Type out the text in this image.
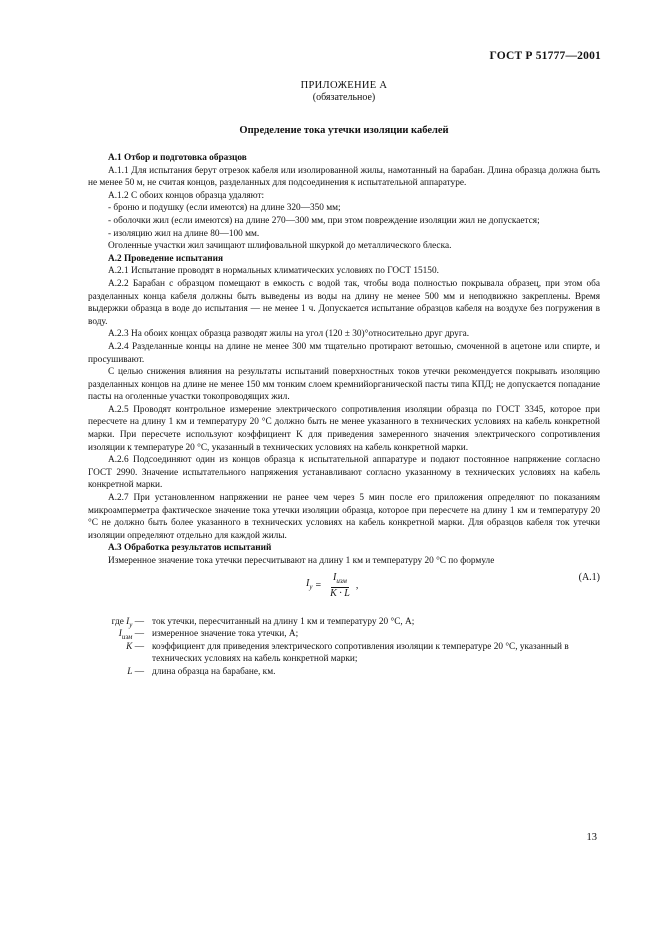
ГОСТ Р 51777—2001
ПРИЛОЖЕНИЕ А
(обязательное)
Определение тока утечки изоляции кабелей

А.1 Отбор и подготовка образцов

А.1.1 Для испытания берут отрезок кабеля или изолированной жилы, намотанный на барабан. Длина образца должна быть не менее 50 м, не считая концов, разделанных для подсоединения к испытательной аппаратуре.

А.1.2 С обоих концов образца удаляют:

- броню и подушку (если имеются) на длине 320—350 мм;

- оболочки жил (если имеются) на длине 270—300 мм, при этом повреждение изоляции жил не допускается;

- изоляцию жил на длине 80—100 мм.

Оголенные участки жил зачищают шлифовальной шкуркой до металлического блеска.

А.2 Проведение испытания

А.2.1 Испытание проводят в нормальных климатических условиях по ГОСТ 15150.

А.2.2 Барабан с образцом помещают в емкость с водой так, чтобы вода полностью покрывала образец, при этом оба разделанных конца кабеля должны быть выведены из воды на длину не менее 500 мм и неподвижно закреплены. Время выдержки образца в воде до испытания — не менее 1 ч. Допускается испытание образцов кабеля на воздухе без погружения в воду.

А.2.3 На обоих концах образца разводят жилы на угол (120 ± 30)°относительно друг друга.

А.2.4 Разделанные концы на длине не менее 300 мм тщательно протирают ветошью, смоченной в ацетоне или спирте, и просушивают.

С целью снижения влияния на результаты испытаний поверхностных токов утечки рекомендуется покрывать изоляцию разделанных концов на длине не менее 150 мм тонким слоем кремнийорганической пасты типа КПД; не допускается попадание пасты на оголенные участки токопроводящих жил.

А.2.5 Проводят контрольное измерение электрического сопротивления изоляции образца по ГОСТ 3345, которое при пересчете на длину 1 км и температуру 20 °С должно быть не менее указанного в технических условиях на кабель конкретной марки. При пересчете используют коэффициент K для приведения замеренного значения электрического сопротивления изоляции к температуре 20 °С, указанный в технических условиях на кабель конкретной марки.

А.2.6 Подсоединяют один из концов образца к испытательной аппаратуре и подают постоянное напряжение согласно ГОСТ 2990. Значение испытательного напряжения устанавливают согласно указанному в технических условиях на кабель конкретной марки.

А.2.7 При установленном напряжении не ранее чем через 5 мин после его приложения определяют по показаниям микроамперметра фактическое значение тока утечки изоляции образца, которое при пересчете на длину 1 км и температуру 20 °С не должно быть более указанного в технических условиях на кабель конкретной марки. Для образцов кабеля ток утечки изоляции определяют отдельно для каждой жилы.

А.3 Обработка результатов испытаний

Измеренное значение тока утечки пересчитывают на длину 1 км и температуру 20 °С по формуле

$I_у = \frac{I_{изм}}{K \cdot L}$ ,
(А.1)
где $I_у$ — ток утечки, пересчитанный на длину 1 км и температуру 20 °С, А;
$I_{изм}$ — измеренное значение тока утечки, А;
K — коэффициент для приведения электрического сопротивления изоляции к температуре 20 °С, указанный в технических условиях на кабель конкретной марки;
L — длина образца на барабане, км.
13
